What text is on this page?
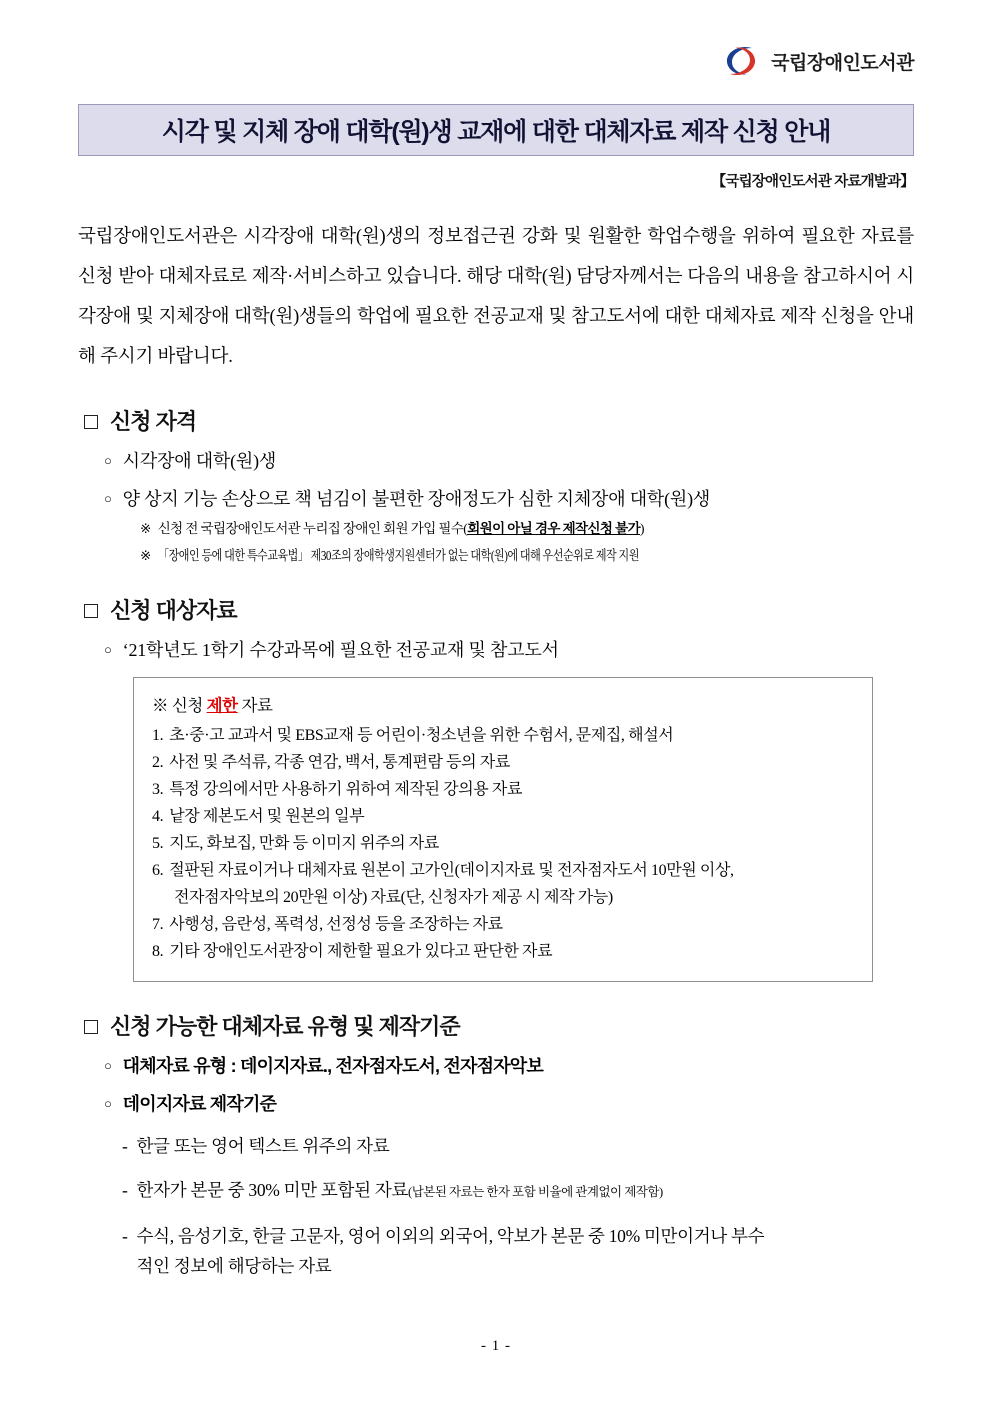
국립장애인도서관
시각 및 지체 장애 대학(원)생 교재에 대한 대체자료 제작 신청 안내
【국립장애인도서관 자료개발과】
국립장애인도서관은 시각장애 대학(원)생의 정보접근권 강화 및 원활한 학업수행을 위하여 필요한 자료를 신청 받아 대체자료로 제작·서비스하고 있습니다. 해당 대학(원) 담당자께서는 다음의 내용을 참고하시어 시각장애 및 지체장애 대학(원)생들의 학업에 필요한 전공교재 및 참고도서에 대한 대체자료 제작 신청을 안내해 주시기 바랍니다.
신청 자격
○ 시각장애 대학(원)생
○ 양 상지 기능 손상으로 책 넘김이 불편한 장애정도가 심한 지체장애 대학(원)생
※ 신청 전 국립장애인도서관 누리집 장애인 회원 가입 필수(회원이 아닐 경우 제작신청 불가)
※ 「장애인 등에 대한 특수교육법」 제30조의 장애학생지원센터가 없는 대학(원)에 대해 우선순위로 제작 지원
신청 대상자료
○ ‘21학년도 1학기 수강과목에 필요한 전공교재 및 참고도서
※ 신청 제한 자료
1. 초·중·고 교과서 및 EBS교재 등 어린이·청소년을 위한 수험서, 문제집, 해설서
2. 사전 및 주석류, 각종 연감, 백서, 통계편람 등의 자료
3. 특정 강의에서만 사용하기 위하여 제작된 강의용 자료
4. 낱장 제본도서 및 원본의 일부
5. 지도, 화보집, 만화 등 이미지 위주의 자료
6. 절판된 자료이거나 대체자료 원본이 고가인(데이지자료 및 전자점자도서 10만원 이상,
전자점자악보의 20만원 이상) 자료(단, 신청자가 제공 시 제작 가능)
7. 사행성, 음란성, 폭력성, 선정성 등을 조장하는 자료
8. 기타 장애인도서관장이 제한할 필요가 있다고 판단한 자료
신청 가능한 대체자료 유형 및 제작기준
○ 대체자료 유형 : 데이지자료., 전자점자도서, 전자점자악보
○ 데이지자료 제작기준
- 한글 또는 영어 텍스트 위주의 자료
- 한자가 본문 중 30% 미만 포함된 자료(납본된 자료는 한자 포함 비율에 관계없이 제작함)
- 수식, 음성기호, 한글 고문자, 영어 이외의 외국어, 악보가 본문 중 10% 미만이거나 부수
적인 정보에 해당하는 자료
- 1 -
